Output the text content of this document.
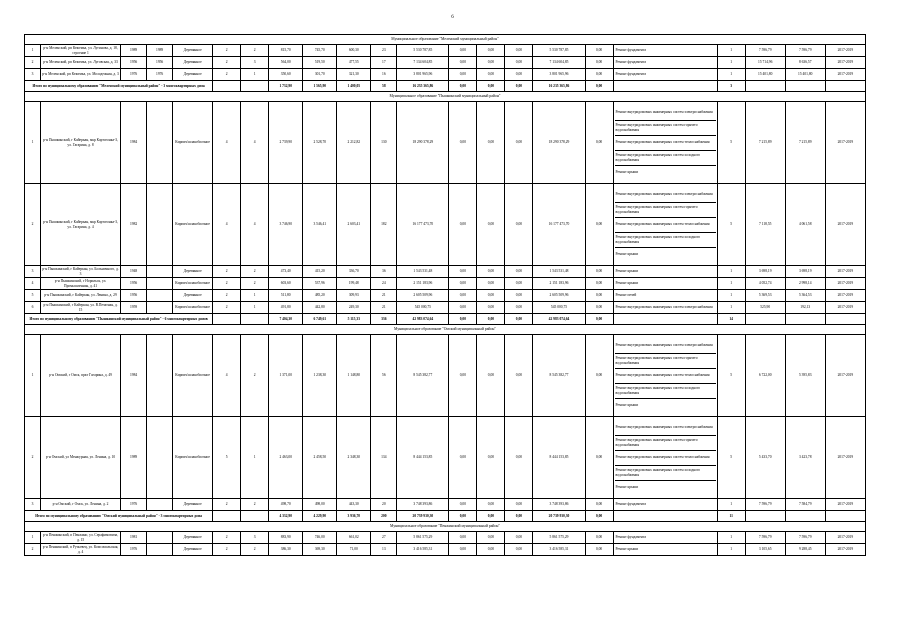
6
Муниципальное образование "Меленский муниципальный район"																					
1	р-н Меленский, рп Кежемка, ул. Лугинова, д. 18, строение 1	1989	1989	Деревянное	2	2	815,70	745,70	600,30	23	5 530 787,85	0,00	0,00	0,00	5 530 787,85	0,00	Ремонт фундамента	1	7 596,79	7 596,79	2017-2019
2	р-н Меленский, рп Кежемка, ул. Луговская, д. 33	1956	1956	Деревянное	2	3	564,00	519,50	477,55	17	7 134 604,85	0,00	0,00	0,00	7 134 604,85	0,00	Ремонт фундамента	1	15 714,96	8 636,57	2017-2019
3	р-н Меленский, рп Кежемка, ул. Молодежная, д. 3	1976	1976	Деревянное	2	1	350,60	301,70	321,30	16	3 801 965,96	0,00	0,00	0,00	3 801 965,96	0,00	Ремонт фундамента	1	15 401,80	15 401,80	2017-2019
Итого по муниципальному образованию "Меленский муниципальный район" - 3 многоквартирных дома							1 732,90	1 565,90	1 400,05	58	16 235 365,86	0,00	0,00	0,00	16 235 365,86	0,00		3			
Муниципальное образование "Пышкинский муниципальный район"																					
1	р-н Пышкинский, г Кайеркан, мкр Картогонка-3, ул. Гагарина, д. 8	1984		Кирпич/шлакоблочное	4	4	2 739,90	2 528,70	2 212,82	130	18 290 378,29	0,00	0,00	0,00	18 290 378,29	0,00	Ремонт внутридомовых инженерных систем электроснабжения
Ремонт внутридомовых инженерных систем горячего водоснабжения
Ремонт внутридомовых инженерных систем теплоснабжения
Ремонт внутридомовых инженерных систем холодного водоснабжения
Ремонт крыши	5	7 215,89	7 215,89	2017-2019
2	р-н Пышкинский, г Кайеркан, мкр Картогонка-3, ул. Гагарина, д. 4	1982		Кирпич/шлакоблочное	4	4	3 746,90	3 546,41	2 603,41	182	16 177 473,70	0,00	0,00	0,00	16 177 473,70	0,00	Ремонт внутридомовых инженерных систем электроснабжения
Ремонт внутридомовых инженерных систем горячего водоснабжения
Ремонт внутридомовых инженерных систем теплоснабжения
Ремонт внутридомовых инженерных систем холодного водоснабжения
Ремонт крыши	5	7 118,55	4 061,58	2017-2019
3	р-н Пышкинский, г Кайеркан, ул. Больничного, д. 3	1948		Деревянное	2	2	473,40	415,20	336,70	36	1 543 531,48	0,00	0,00	0,00	1 543 531,48	0,00	Ремонт крыши	1	3 698,19	3 698,19	2017-2019
4	р-н Пышкинский, г Норильск, ул. Промышленная, д. 41	1956		Кирпич/шлакоблочное	2	2	603,60	537,96	199,48	24	2 151 183,96	0,00	0,00	0,00	2 151 183,96	0,00	Ремонт крыши	1	4 052,74	2 998,14	2017-2019
5	р-н Пышкинский, г Кайеркан, ул. Ленина, д. 29	1956		Деревянное	2	1	511,80	485,20	309,93	21	2 605 509,96	0,00	0,00	0,00	2 605 509,96	0,00	Ремонт печей	1	5 369,53	5 364,53	2017-2019
6	р-н Пышкинский, г Кайеркан, ул. В.Печатная, д. 15	1959		Кирпич/шлакоблочное	2	1	491,80	442,80	249,30	21	545 000,75	0,00	0,00	0,00	545 000,75	0,00	Ремонт внутридомовых инженерных систем электроснабжения	1	525,90	192,13	2017-2019
Итого по муниципальному образованию "Пышкинский муниципальный район" - 6 многоквартирных домов							7 404,30	6 749,61	5 115,33	336	42 983 074,64	0,00	0,00	0,00	42 983 074,64	0,00		14			
Муниципальное образование "Омский муниципальный район"																					
1	р-н Омский, г Омск, пркт Гагарина, д. 49	1984		Кирпич/шлакоблочное	4	2	1 371,00	1 238,30	1 148,80	56	8 545 382,77	0,00	0,00	0,00	8 545 382,77	0,00	Ремонт внутридомовых инженерных систем электроснабжения
Ремонт внутридомовых инженерных систем горячего водоснабжения
Ремонт внутридомовых инженерных систем теплоснабжения
Ремонт внутридомовых инженерных систем холодного водоснабжения
Ремонт крыши	5	6 722,00	5 395,83	2017-2019
2	р-н Омский, ул Менжурная, ул. Ленина, д. 10	1989		Кирпич/шлакоблочное	5	1	2 463,00	2 458,50	2 348,30	134	8 444 153,85	0,00	0,00	0,00	8 444 153,85	0,00	Ремонт внутридомовых инженерных систем электроснабжения
Ремонт внутридомовых инженерных систем горячего водоснабжения
Ремонт внутридомовых инженерных систем теплоснабжения
Ремонт внутридомовых инженерных систем холодного водоснабжения
Ремонт крыши	5	5 433,70	3 423,78	2017-2019
3	р-н Омский, г Омск, ул. Ленина, д. 2	1976		Деревянное	2	2	498,70	498,00	443,30	20	3 748 393,86	0,00	0,00	0,00	3 748 393,86	0,00	Ремонт фундамента	1	7 596,79	7 584,79	2017-2019
Итого по муниципальному образованию "Омский муниципальный район" - 3 многоквартирных дома							4 332,90	4 229,90	3 936,70	200	20 739 930,30	0,00	0,00	0,00	20 739 930,30	0,00		11			
Муниципальное образование "Пенжинский муниципальный район"																					
1	р-н Пенжинский, п Пенжино, ул. Серафимовича, д. 15	1981		Деревянное	2	3	883,90	746,00	661,02	27	5 861 575,29	0,00	0,00	0,00	5 861 575,29	0,00	Ремонт фундамента	1	7 596,79	7 596,79	2017-2019
2	р-н Пенжинский, п Ручьевец, ул. Комсомольская, д. 4	1976		Деревянное	2	2	386,30	369,30	71,00	13	3 416 585,31	0,00	0,00	0,00	3 416 585,31	0,00	Ремонт крыши	1	3 105,65	9 288,45	2017-2019
